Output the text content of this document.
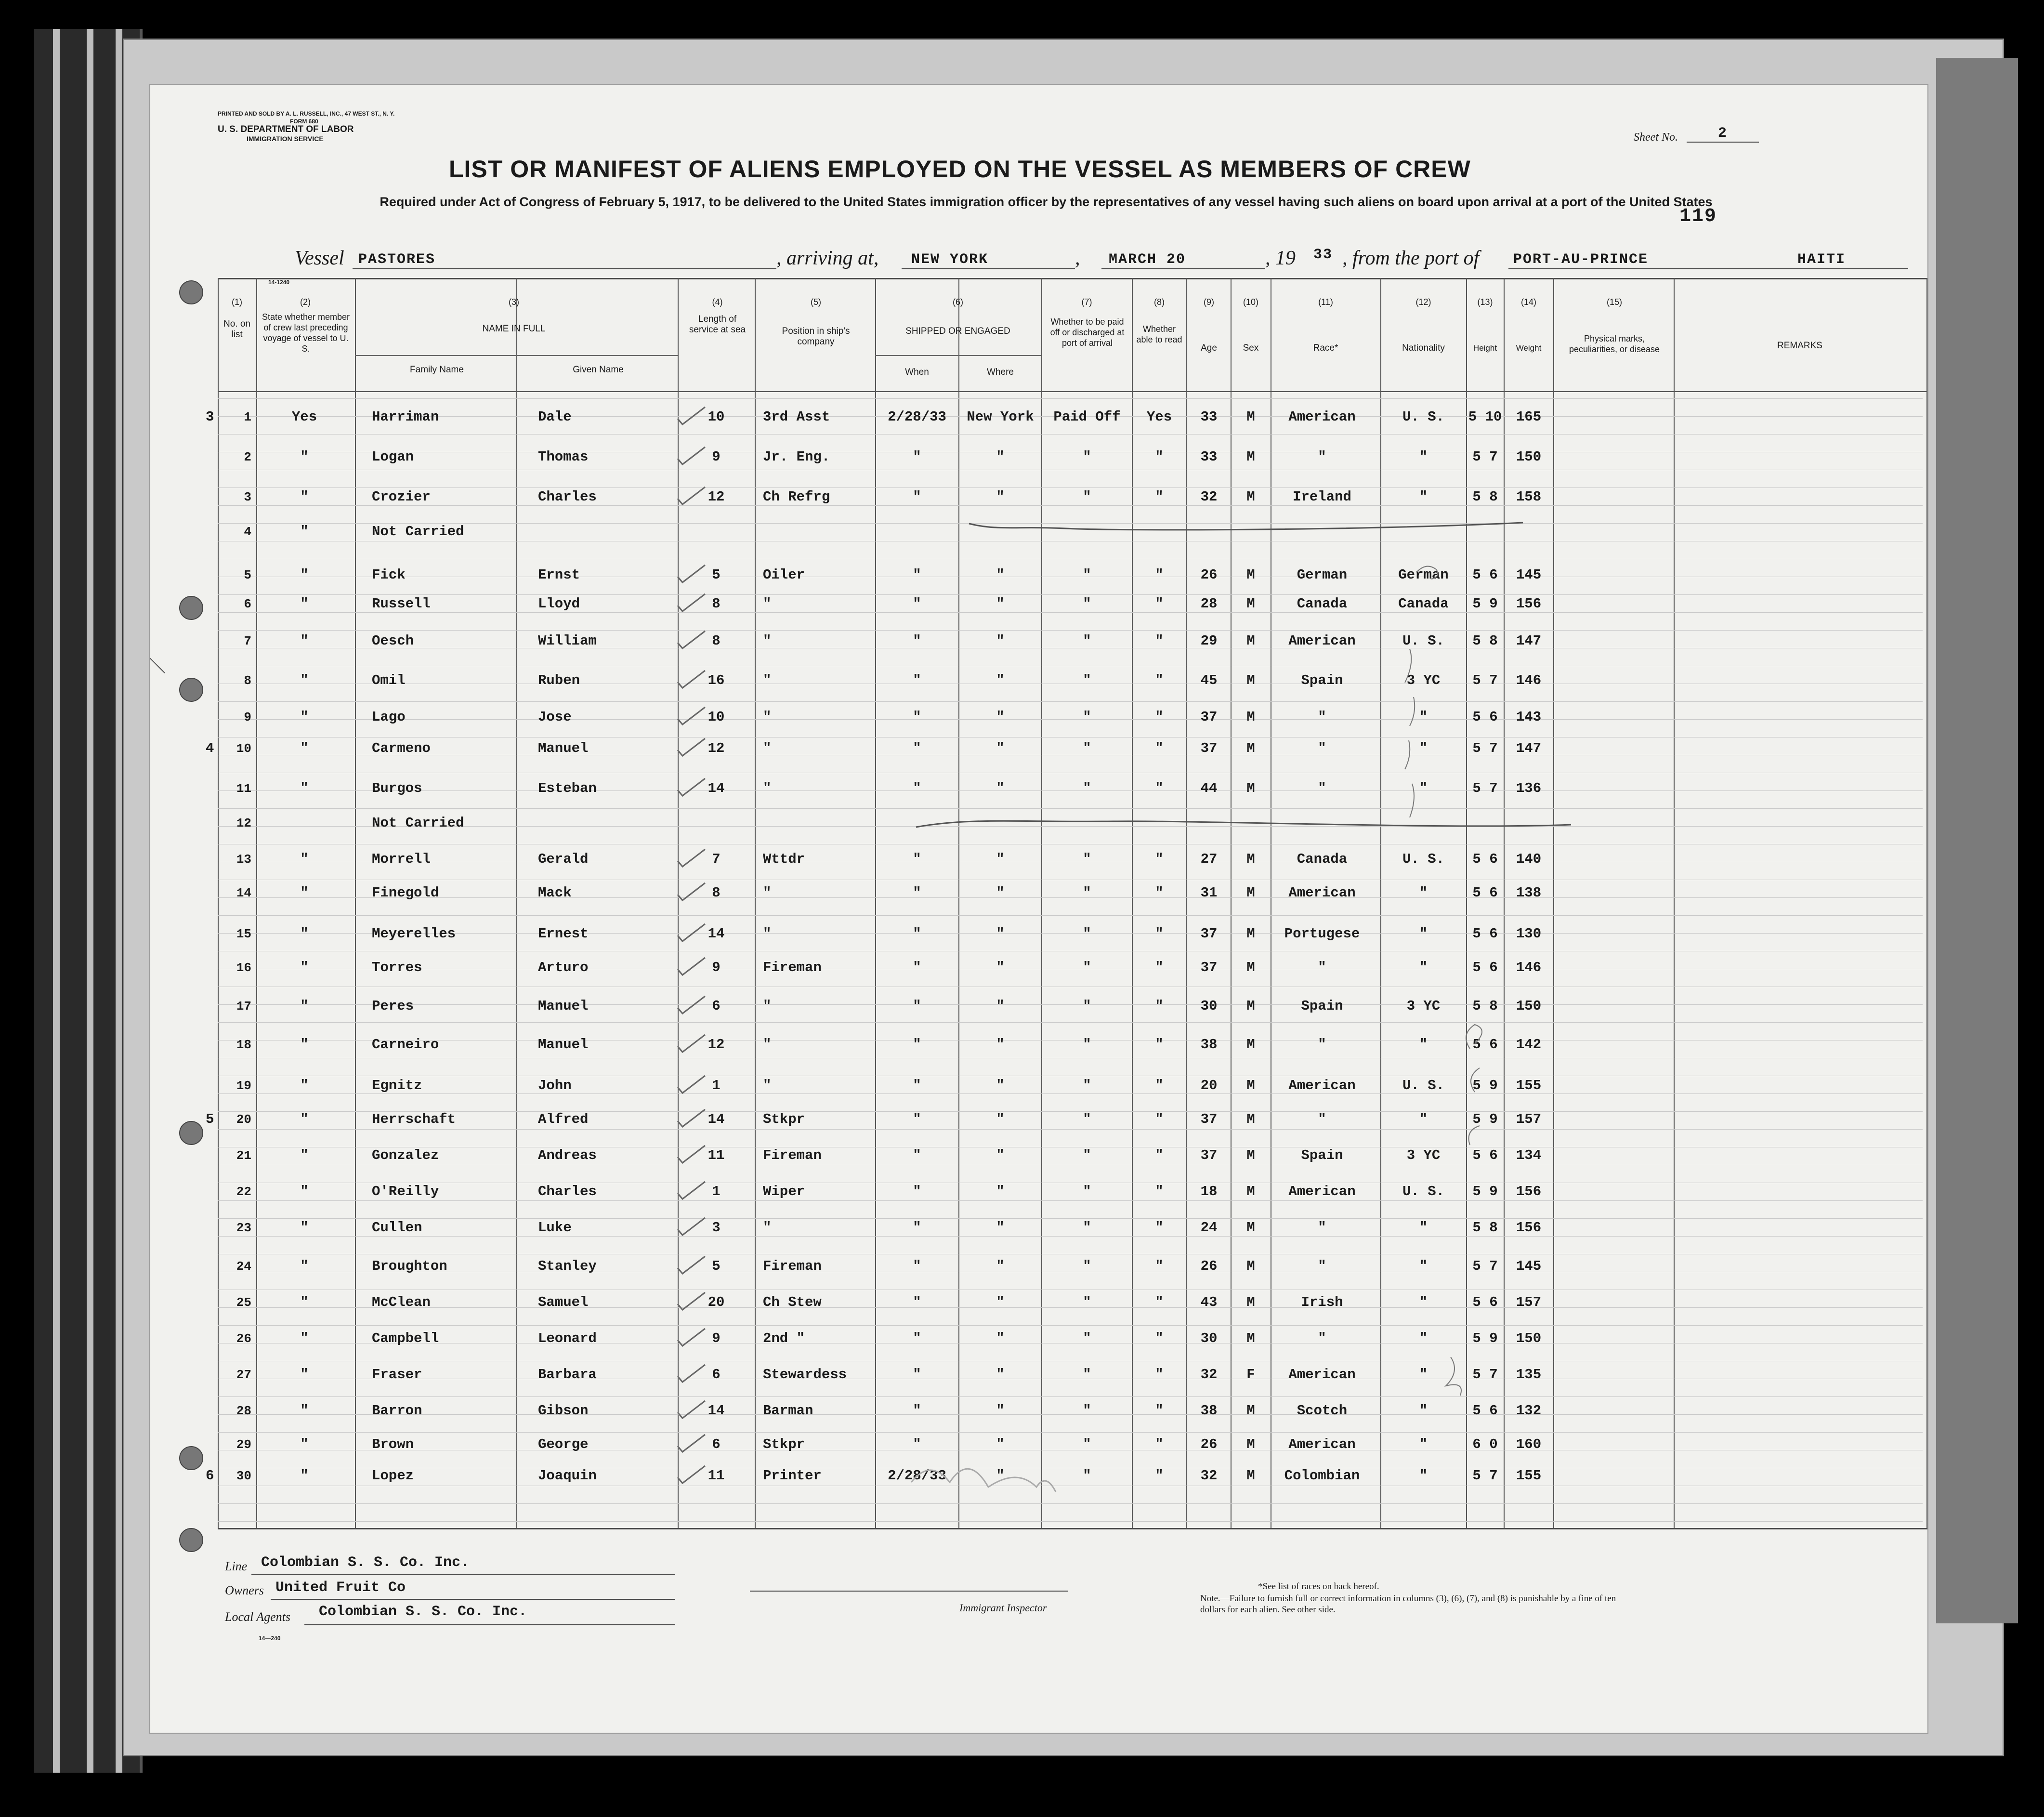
PRINTED AND SOLD BY A. L. RUSSELL, INC., 47 WEST ST., N. Y.
FORM 680
U. S. DEPARTMENT OF LABOR
IMMIGRATION SERVICE	Sheet No.	2
LIST OR MANIFEST OF ALIENS EMPLOYED ON THE VESSEL AS MEMBERS OF CREW
Required under Act of Congress of February 5, 1917, to be delivered to the United States immigration officer by the representatives of any vessel having such aliens on board upon arrival at a port of the United States
119
Vessel PASTORES	, arriving at, NEW YORK	, MARCH 20	, 19 33 , from the port of PORT-AU-PRINCE	HAITI
14-1240
(1)
No. on list
(2)
State whether member of crew last preceding voyage of vessel to U. S.
(3)
NAME IN FULL
Family Name	Given Name
(4)
Length of service at sea
(5)
Position in ship's company
(6)
SHIPPED OR ENGAGED
When	Where
(7)
Whether to be paid off or discharged at port of arrival
(8)
Whether able to read
(9)
Age
(10)
Sex
(11)
Race*
(12)
Nationality
(13)
Height
(14)
Weight
(15)
Physical marks, peculiarities, or disease	REMARKS
3	1	Yes	Harriman	Dale	10	3rd Asst	2/28/33	New York	Paid Off	Yes	33	M	American	U. S.	5 10	165
2	"	Logan	Thomas	9	Jr. Eng.	"	"	"	"	33	M	"	"	5 7	150
3	"	Crozier	Charles	12	Ch Refrg	"	"	"	"	32	M	Ireland	"	5 8	158
4	"	Not Carried
5	"	Fick	Ernst	5	Oiler	"	"	"	"	26	M	German	German	5 6	145
6	"	Russell	Lloyd	8	"	"	"	"	"	28	M	Canada	Canada	5 9	156
7	"	Oesch	William	8	"	"	"	"	"	29	M	American	U. S.	5 8	147
8	"	Omil	Ruben	16	"	"	"	"	"	45	M	Spain	3 YC	5 7	146
9	"	Lago	Jose	10	"	"	"	"	"	37	M	"	"	5 6	143
4	10	"	Carmeno	Manuel	12	"	"	"	"	"	37	M	"	"	5 7	147
11	"	Burgos	Esteban	14	"	"	"	"	"	44	M	"	"	5 7	136
12	Not Carried
13	"	Morrell	Gerald	7	Wttdr	"	"	"	"	27	M	Canada	U. S.	5 6	140
14	"	Finegold	Mack	8	"	"	"	"	"	31	M	American	"	5 6	138
15	"	Meyerelles	Ernest	14	"	"	"	"	"	37	M	Portugese	"	5 6	130
16	"	Torres	Arturo	9	Fireman	"	"	"	"	37	M	"	"	5 6	146
17	"	Peres	Manuel	6	"	"	"	"	"	30	M	Spain	3 YC	5 8	150
18	"	Carneiro	Manuel	12	"	"	"	"	"	38	M	"	"	5 6	142
19	"	Egnitz	John	1	"	"	"	"	"	20	M	American	U. S.	5 9	155
5	20	"	Herrschaft	Alfred	14	Stkpr	"	"	"	"	37	M	"	"	5 9	157
21	"	Gonzalez	Andreas	11	Fireman	"	"	"	"	37	M	Spain	3 YC	5 6	134
22	"	O'Reilly	Charles	1	Wiper	"	"	"	"	18	M	American	U. S.	5 9	156
23	"	Cullen	Luke	3	"	"	"	"	"	24	M	"	"	5 8	156
24	"	Broughton	Stanley	5	Fireman	"	"	"	"	26	M	"	"	5 7	145
25	"	McClean	Samuel	20	Ch Stew	"	"	"	"	43	M	Irish	"	5 6	157
26	"	Campbell	Leonard	9	2nd "	"	"	"	"	30	M	"	"	5 9	150
27	"	Fraser	Barbara	6	Stewardess	"	"	"	"	32	F	American	"	5 7	135
28	"	Barron	Gibson	14	Barman	"	"	"	"	38	M	Scotch	"	5 6	132
29	"	Brown	George	6	Stkpr	"	"	"	"	26	M	American	"	6 0	160
6	30	"	Lopez	Joaquin	11	Printer	2/28/33	"	"	"	32	M	Colombian	"	5 7	155
Line Colombian S. S. Co. Inc.
Owners United Fruit Co
Local Agents Colombian S. S. Co. Inc.
14—240
Immigrant Inspector
*See list of races on back hereof.
Note.—Failure to furnish full or correct information in columns (3), (6), (7), and (8) is punishable by a fine of ten dollars for each alien. See other side.
